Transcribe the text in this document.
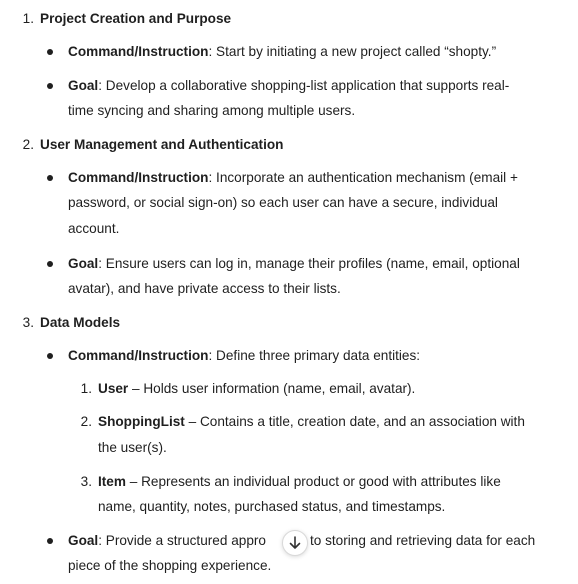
1. Project Creation and Purpose
Command/Instruction: Start by initiating a new project called “shopty.”
Goal: Develop a collaborative shopping-list application that supports real-
time syncing and sharing among multiple users.
2. User Management and Authentication
Command/Instruction: Incorporate an authentication mechanism (email +
password, or social sign-on) so each user can have a secure, individual
account.
Goal: Ensure users can log in, manage their profiles (name, email, optional
avatar), and have private access to their lists.
3. Data Models
Command/Instruction: Define three primary data entities:
1. User – Holds user information (name, email, avatar).
2. ShoppingList – Contains a title, creation date, and an association with
the user(s).
3. Item – Represents an individual product or good with attributes like
name, quantity, notes, purchased status, and timestamps.
Goal: Provide a structured appro	to storing and retrieving data for each
piece of the shopping experience.
